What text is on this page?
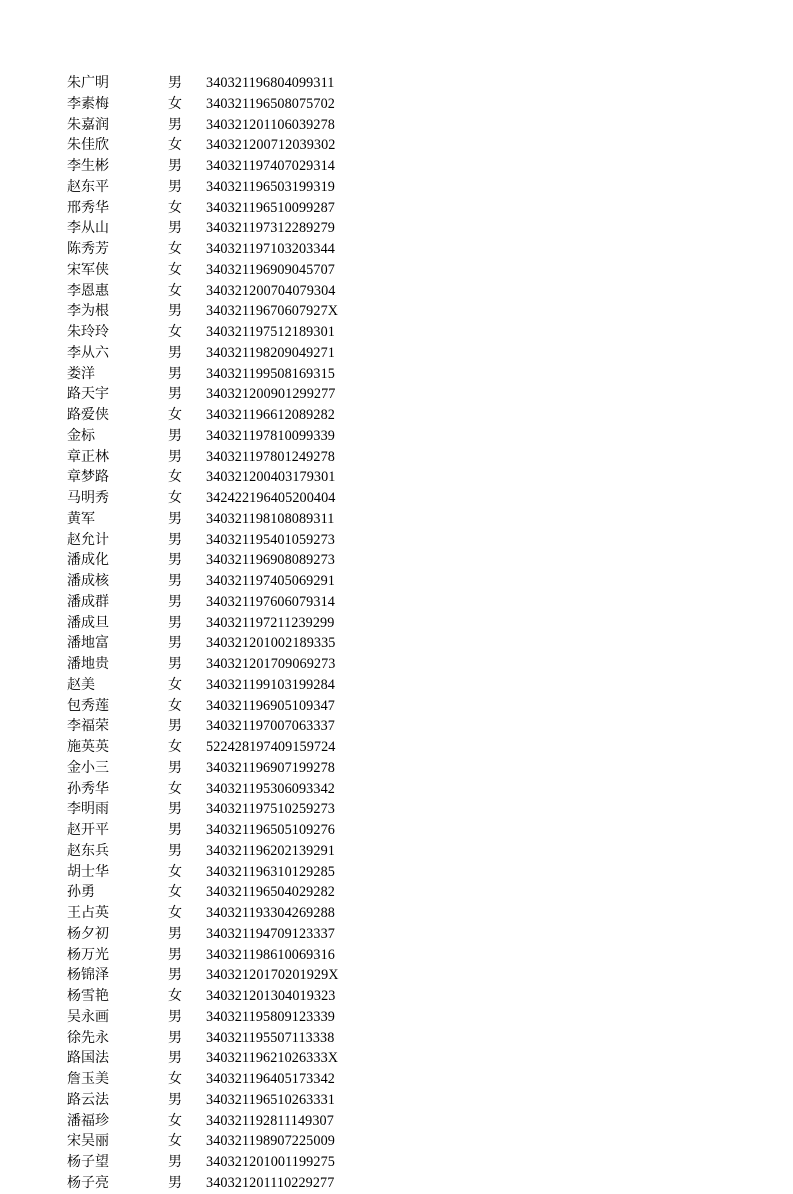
朱广明	男 340321196804099311
李素梅	女 340321196508075702
朱嘉润	男 340321201106039278
朱佳欣	女 340321200712039302
李生彬	男 340321197407029314
赵东平	男 340321196503199319
邢秀华	女 340321196510099287
李从山	男 340321197312289279
陈秀芳	女 340321197103203344
宋军侠	女 340321196909045707
李恩惠	女 340321200704079304
李为根	男 34032119670607927X
朱玲玲	女 340321197512189301
李从六	男 340321198209049271
娄洋	男 340321199508169315
路天宇	男 340321200901299277
路爱侠	女 340321196612089282
金标	男 340321197810099339
章正林	男 340321197801249278
章梦路	女 340321200403179301
马明秀	女 342422196405200404
黄军	男 340321198108089311
赵允计	男 340321195401059273
潘成化	男 340321196908089273
潘成核	男 340321197405069291
潘成群	男 340321197606079314
潘成旦	男 340321197211239299
潘地富	男 340321201002189335
潘地贵	男 340321201709069273
赵美	女 340321199103199284
包秀莲	女 340321196905109347
李福荣	男 340321197007063337
施英英	女 522428197409159724
金小三	男 340321196907199278
孙秀华	女 340321195306093342
李明雨	男 340321197510259273
赵开平	男 340321196505109276
赵东兵	男 340321196202139291
胡士华	女 340321196310129285
孙勇	女 340321196504029282
王占英	女 340321193304269288
杨夕初	男 340321194709123337
杨万光	男 340321198610069316
杨锦泽	男 34032120170201929X
杨雪艳	女 340321201304019323
吴永画	男 340321195809123339
徐先永	男 340321195507113338
路国法	男 34032119621026333X
詹玉美	女 340321196405173342
路云法	男 340321196510263331
潘福珍	女 340321192811149307
宋吴丽	女 340321198907225009
杨子望	男 340321201001199275
杨子亮	男 340321201110229277
